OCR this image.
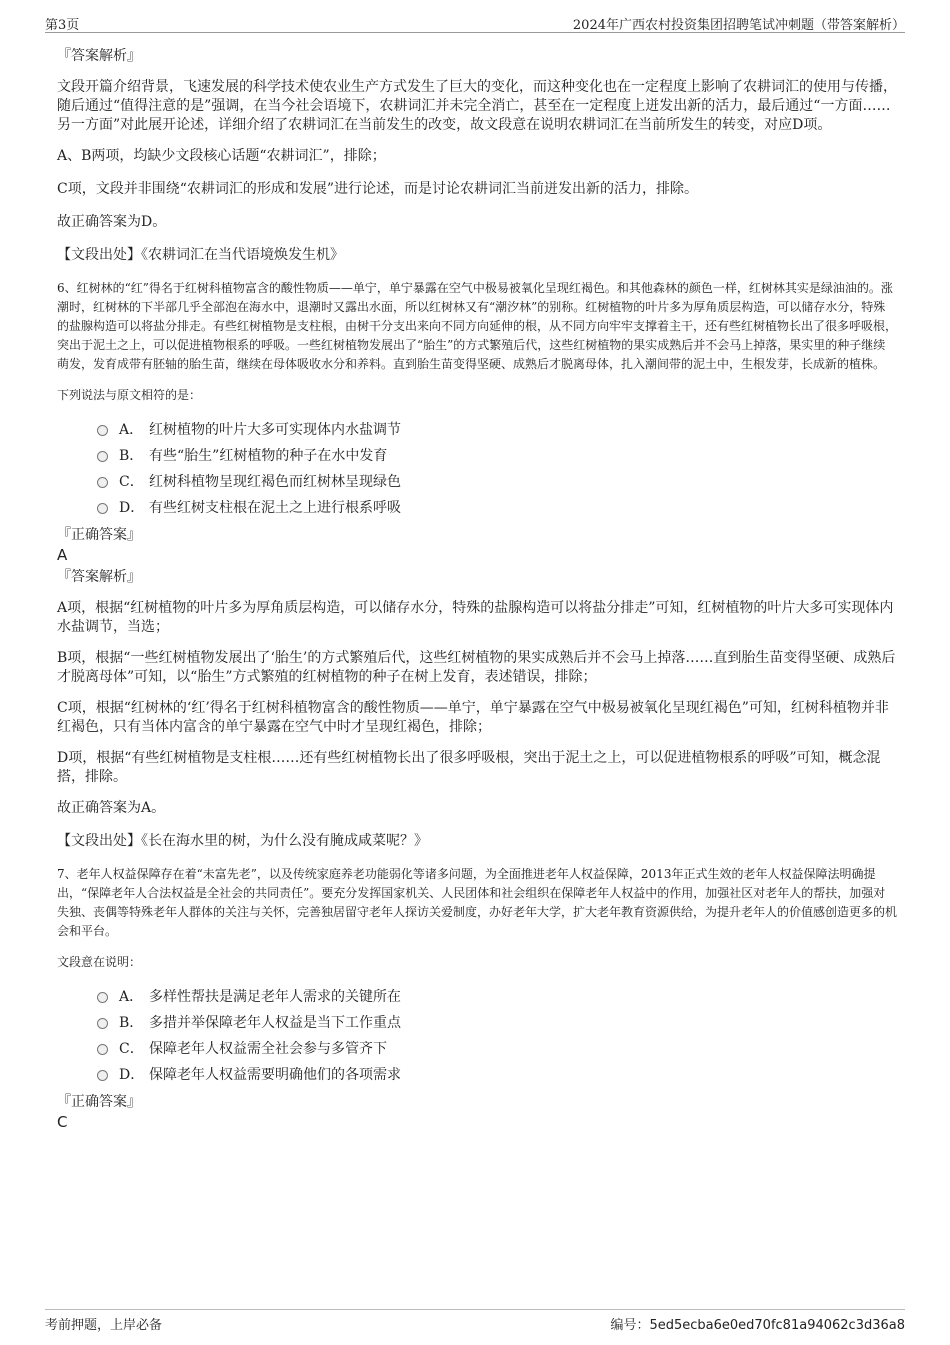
第3页	2024年广西农村投资集团招聘笔试冲刺题（带答案解析）
『答案解析』

文段开篇介绍背景，飞速发展的科学技术使农业生产方式发生了巨大的变化，而这种变化也在一定程度上影响了农耕词汇的使用与传播，随后通过“值得注意的是”强调，在当今社会语境下，农耕词汇并未完全消亡，甚至在一定程度上迸发出新的活力，最后通过“一方面……另一方面”对此展开论述，详细介绍了农耕词汇在当前发生的改变，故文段意在说明农耕词汇在当前所发生的转变，对应D项。

A、B两项，均缺少文段核心话题“农耕词汇”，排除；

C项，文段并非围绕“农耕词汇的形成和发展”进行论述，而是讨论农耕词汇当前迸发出新的活力，排除。

故正确答案为D。

【文段出处】《农耕词汇在当代语境焕发生机》

6、红树林的“红”得名于红树科植物富含的酸性物质——单宁，单宁暴露在空气中极易被氧化呈现红褐色。和其他森林的颜色一样，红树林其实是绿油油的。涨潮时，红树林的下半部几乎全部泡在海水中，退潮时又露出水面，所以红树林又有“潮汐林”的别称。红树植物的叶片多为厚角质层构造，可以储存水分，特殊的盐腺构造可以将盐分排走。有些红树植物是支柱根，由树干分支出来向不同方向延伸的根，从不同方向牢牢支撑着主干，还有些红树植物长出了很多呼吸根，突出于泥土之上，可以促进植物根系的呼吸。一些红树植物发展出了“胎生”的方式繁殖后代，这些红树植物的果实成熟后并不会马上掉落，果实里的种子继续萌发，发育成带有胚轴的胎生苗，继续在母体吸收水分和养料。直到胎生苗变得坚硬、成熟后才脱离母体，扎入潮间带的泥土中，生根发芽，长成新的植株。

下列说法与原文相符的是：

A． 红树植物的叶片大多可实现体内水盐调节
B． 有些“胎生”红树植物的种子在水中发育
C． 红树科植物呈现红褐色而红树林呈现绿色
D． 有些红树支柱根在泥土之上进行根系呼吸
『正确答案』
A
『答案解析』

A项，根据“红树植物的叶片多为厚角质层构造，可以储存水分，特殊的盐腺构造可以将盐分排走”可知，红树植物的叶片大多可实现体内水盐调节，当选；

B项，根据“一些红树植物发展出了‘胎生’的方式繁殖后代，这些红树植物的果实成熟后并不会马上掉落……直到胎生苗变得坚硬、成熟后才脱离母体”可知，以“胎生”方式繁殖的红树植物的种子在树上发育，表述错误，排除；

C项，根据“红树林的‘红’得名于红树科植物富含的酸性物质——单宁，单宁暴露在空气中极易被氧化呈现红褐色”可知，红树科植物并非红褐色，只有当体内富含的单宁暴露在空气中时才呈现红褐色，排除；

D项，根据“有些红树植物是支柱根……还有些红树植物长出了很多呼吸根，突出于泥土之上，可以促进植物根系的呼吸”可知，概念混搭，排除。

故正确答案为A。

【文段出处】《长在海水里的树，为什么没有腌成咸菜呢？》

7、老年人权益保障存在着“未富先老”，以及传统家庭养老功能弱化等诸多问题，为全面推进老年人权益保障，2013年正式生效的老年人权益保障法明确提出，“保障老年人合法权益是全社会的共同责任”。要充分发挥国家机关、人民团体和社会组织在保障老年人权益中的作用，加强社区对老年人的帮扶，加强对失独、丧偶等特殊老年人群体的关注与关怀，完善独居留守老年人探访关爱制度，办好老年大学，扩大老年教育资源供给，为提升老年人的价值感创造更多的机会和平台。

文段意在说明：

A． 多样性帮扶是满足老年人需求的关键所在
B． 多措并举保障老年人权益是当下工作重点
C． 保障老年人权益需全社会参与多管齐下
D． 保障老年人权益需要明确他们的各项需求
『正确答案』
C
考前押题，上岸必备	编号：5ed5ecba6e0ed70fc81a94062c3d36a8
